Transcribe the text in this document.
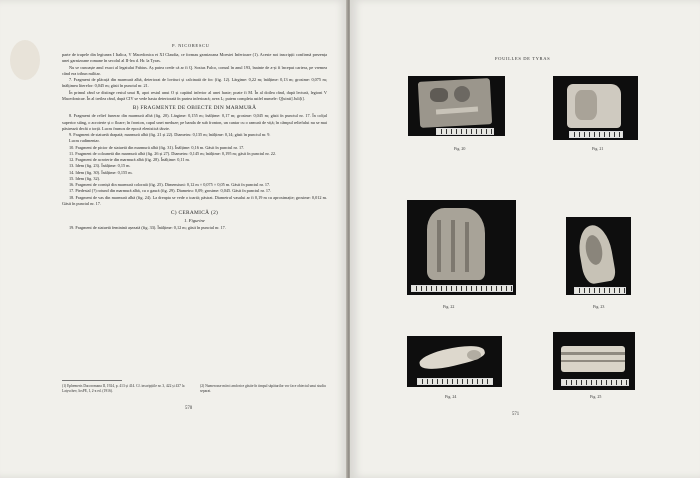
P. NICORESCU

parte de trupele din legiunea I Italica, V Macedonica et XI Claudia, ce formau garnizoana Moesiei Inferioare (1). Aceste noi inscripții confirmă prezența unei garnizoane romane în secolul al II-lea d. Hr. la Tyras.

Nu se cunoaște anul exact al legatului Fabius. Aș putea crede că ar fi Q. Sosius Falco, consul în anul 193, înainte de a-și fi început cariera, pe vremea când era tribun militar.

7. Fragment de plăcuță din marmură albă, deteriorat de lovituri și calcinată de foc (fig. 12). Lărgime: 0,22 m; înălțime: 0,13 m; grosime: 0,075 m; înălțimea literelor: 0,045 m; găsit în punctul nr. 21.

În primul rând se distinge restul unui R, apoi restul unui O și capătul inferior al unei haste; poate fi M. În al doilea rând, după lectură, legioni V Macedonicae. În al treilea rând, după CIV se vede hasta deteriorată în partea inferioară; avea L; putem completa astfel numele: Q[uinti] Juli[i].

B) FRAGMENTE DE OBIECTE DIN MARMURĂ

8. Fragment de relief funerar din marmură albă (fig. 20). Lărgime: 0,155 m; înălțime: 0,17 m; grosime: 0,045 m; găsit în punctul nr. 17. În colțul superior stâng, o acroterie și o floare; în fronton, capul unei meduze; pe banda de sub fronton, un cantar cu o ramură de viță; în câmpul reliefului nu se mai păstrează decât o torță. Lucru frumos de epocă elenistică târzie.

9. Fragment de statuetă drapată; marmură albă (fig. 21 și 22). Diametru: 0,135 m; înălțime: 0,14; găsit în punctul nr. 9.

Lucru rudimentar.

10. Fragment de picior de statuetă din marmură albă (fig. 31). Înălțime: 0,16 m. Găsit în punctul nr. 17.

11. Fragment de coloanetă din marmură albă (fig. 26 și 27). Diametru: 0,145 m; înălțime: 0,195 m; găsit în punctul nr. 22.

12. Fragment de acroterie din marmură albă (fig. 28). Înălțime: 0,11 m.

13. Idem (fig. 23). Înălțime: 0,15 m.

14. Idem (fig. 30). Înălțime: 0,155 m.

15. Idem (fig. 32).

16. Fragment de cornișă din marmură colorată (fig. 25). Dimensiuni: 0,12 m × 0,075 × 0,05 m. Găsit în punctul nr. 17.

17. Piedestal (?) rotund din marmură albă, cu o gaură (fig. 29). Diametru: 0,09; grosime: 0,045. Găsit în punctul nr. 17.

18. Fragment de vas din marmură albă (fig. 24). La dreapta se vede o toartă; păstrat. Diametrul vasului ar fi 0,19 m cu aproximație; grosime: 0,012 m. Găsit în punctul nr. 17.

C) CERAMICĂ (2)

1. Figurine

19. Fragment de statuetă feminină așezată (fig. 33). Înălțime: 0,12 m; găsit în punctul nr. 17.

(1) Ephemeris Dacoromana II, 1924, p. 413 și 414. Cf. inscripțiile nr. 3, 422 și 437 la Latyschev, IosPE, I, 2-a ed. (1916).
(2) Numeroase mărci amforice găsite în timpul săpăturilor vor face obiectul unui studiu separat.
570
FOUILLES DE TYRAS
Fig. 20	Fig. 21
Fig. 22	Fig. 23
Fig. 24	Fig. 25
571
